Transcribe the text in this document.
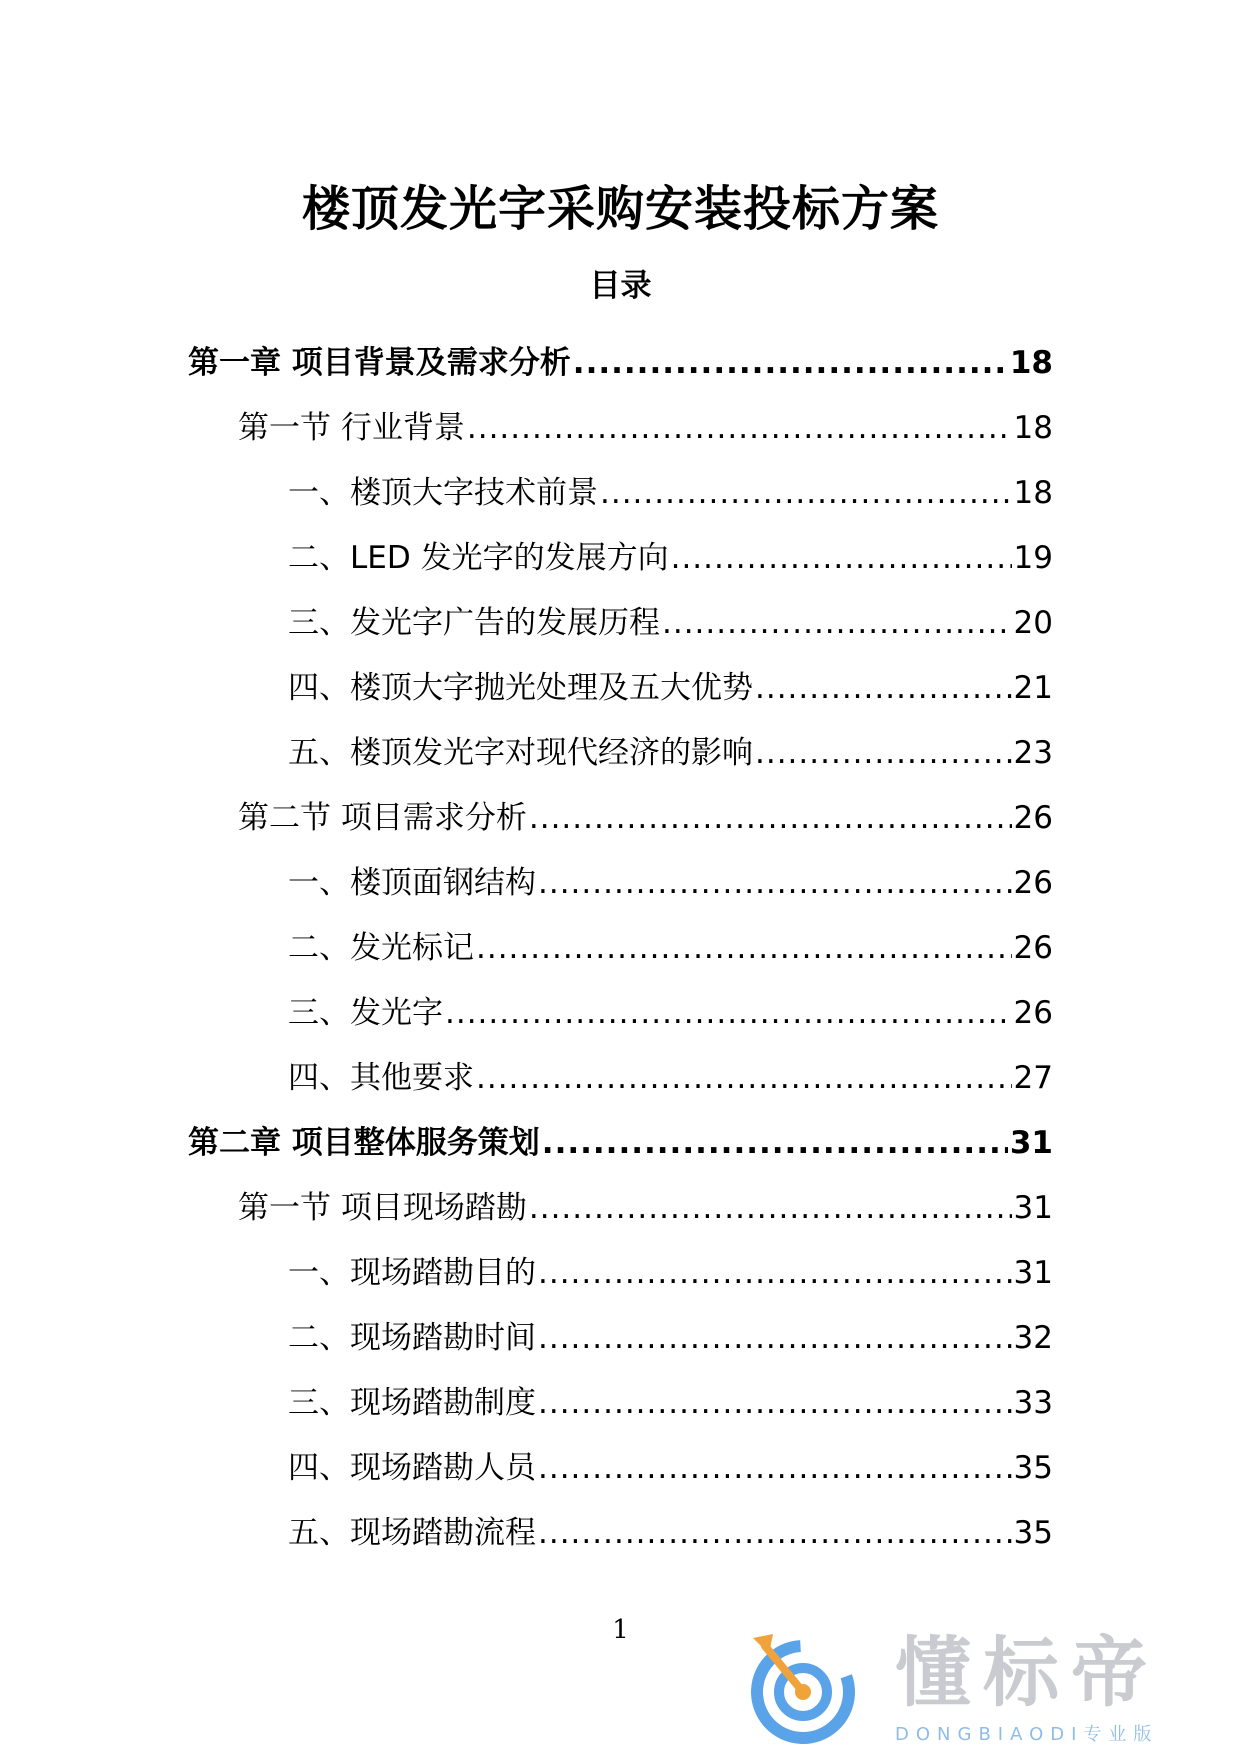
楼顶发光字采购安装投标方案
目录
第一章 项目背景及需求分析 .....	18
第一节 行业背景 .....	18
一、楼顶大字技术前景 .....	18
二、LED 发光字的发展方向 .....	19
三、发光字广告的发展历程 .....	20
四、楼顶大字抛光处理及五大优势 .....	21
五、楼顶发光字对现代经济的影响 .....	23
第二节 项目需求分析 .....	26
一、楼顶面钢结构 .....	26
二、发光标记 .....	26
三、发光字 .....	26
四、其他要求 .....	27
第二章 项目整体服务策划 .....	31
第一节 项目现场踏勘 .....	31
一、现场踏勘目的 .....	31
二、现场踏勘时间 .....	32
三、现场踏勘制度 .....	33
四、现场踏勘人员 .....	35
五、现场踏勘流程 .....	35
1	懂标帝
DONGBIAODI专业版
